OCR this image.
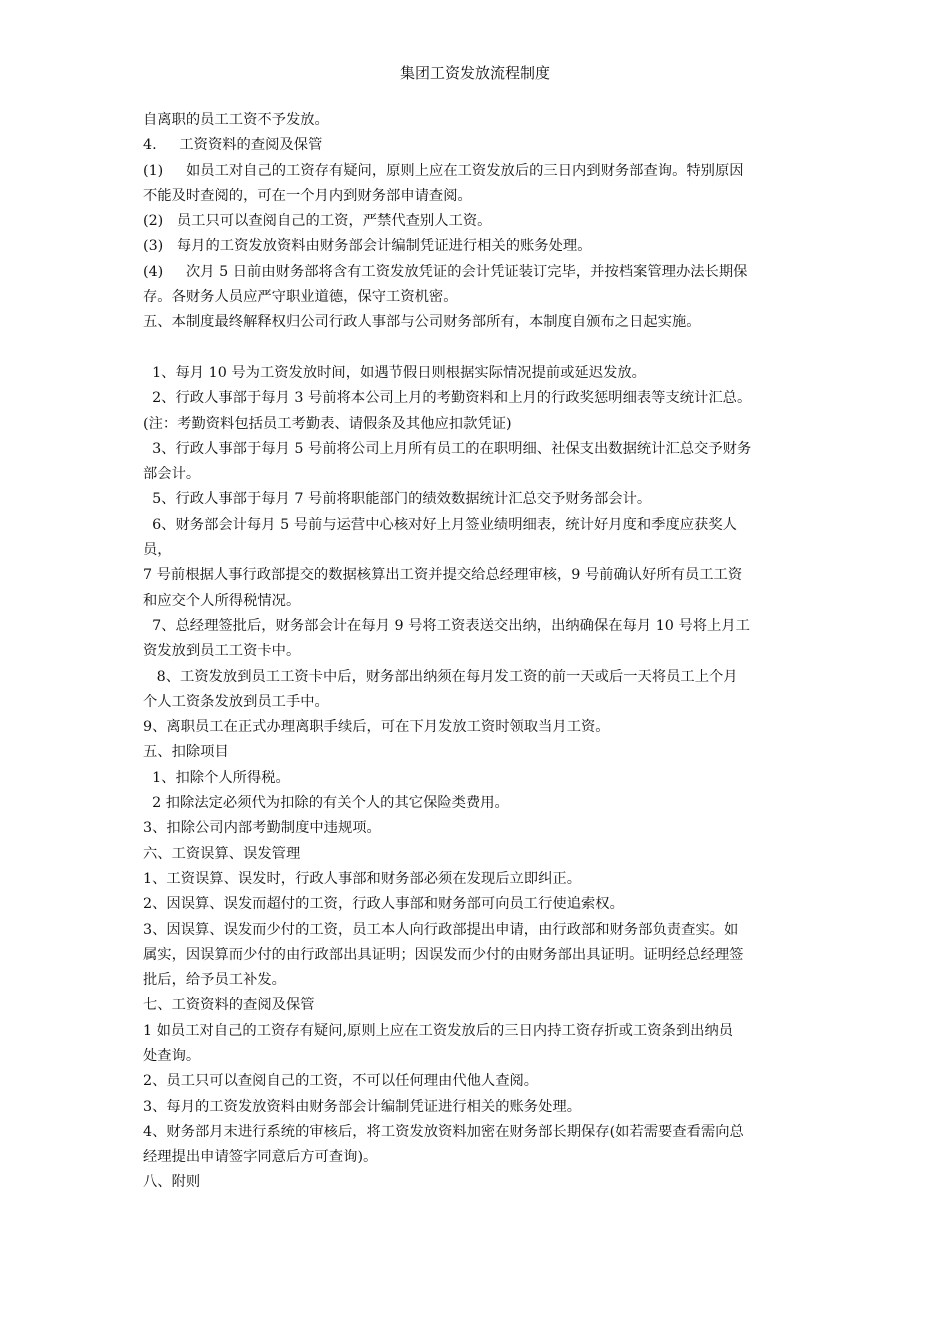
集团工资发放流程制度
自离职的员工工资不予发放。
4.     工资资料的查阅及保管
(1)     如员工对自己的工资存有疑问，原则上应在工资发放后的三日内到财务部查询。特别原因
不能及时查阅的，可在一个月内到财务部申请查阅。
(2)   员工只可以查阅自己的工资，严禁代查别人工资。
(3)   每月的工资发放资料由财务部会计编制凭证进行相关的账务处理。
(4)     次月 5 日前由财务部将含有工资发放凭证的会计凭证装订完毕，并按档案管理办法长期保
存。各财务人员应严守职业道德，保守工资机密。
五、本制度最终解释权归公司行政人事部与公司财务部所有，本制度自颁布之日起实施。
1、每月 10 号为工资发放时间，如遇节假日则根据实际情况提前或延迟发放。
2、行政人事部于每月 3 号前将本公司上月的考勤资料和上月的行政奖惩明细表等支统计汇总。
(注：考勤资料包括员工考勤表、请假条及其他应扣款凭证)
3、行政人事部于每月 5 号前将公司上月所有员工的在职明细、社保支出数据统计汇总交予财务
部会计。
5、行政人事部于每月 7 号前将职能部门的绩效数据统计汇总交予财务部会计。
6、财务部会计每月 5 号前与运营中心核对好上月签业绩明细表，统计好月度和季度应获奖人
员，
7 号前根据人事行政部提交的数据核算出工资并提交给总经理审核，9 号前确认好所有员工工资
和应交个人所得税情况。
7、总经理签批后，财务部会计在每月 9 号将工资表送交出纳，出纳确保在每月 10 号将上月工
资发放到员工工资卡中。
8、工资发放到员工工资卡中后，财务部出纳须在每月发工资的前一天或后一天将员工上个月
个人工资条发放到员工手中。
9、离职员工在正式办理离职手续后，可在下月发放工资时领取当月工资。
五、扣除项目
1、扣除个人所得税。
2 扣除法定必须代为扣除的有关个人的其它保险类费用。
3、扣除公司内部考勤制度中违规项。
六、工资误算、误发管理
1、工资误算、误发时，行政人事部和财务部必须在发现后立即纠正。
2、因误算、误发而超付的工资，行政人事部和财务部可向员工行使追索权。
3、因误算、误发而少付的工资，员工本人向行政部提出申请，由行政部和财务部负责查实。如
属实，因误算而少付的由行政部出具证明；因误发而少付的由财务部出具证明。证明经总经理签
批后，给予员工补发。
七、工资资料的查阅及保管
1 如员工对自己的工资存有疑问,原则上应在工资发放后的三日内持工资存折或工资条到出纳员
处查询。
2、员工只可以查阅自己的工资，不可以任何理由代他人查阅。
3、每月的工资发放资料由财务部会计编制凭证进行相关的账务处理。
4、财务部月末进行系统的审核后，将工资发放资料加密在财务部长期保存(如若需要查看需向总
经理提出申请签字同意后方可查询)。
八、附则
